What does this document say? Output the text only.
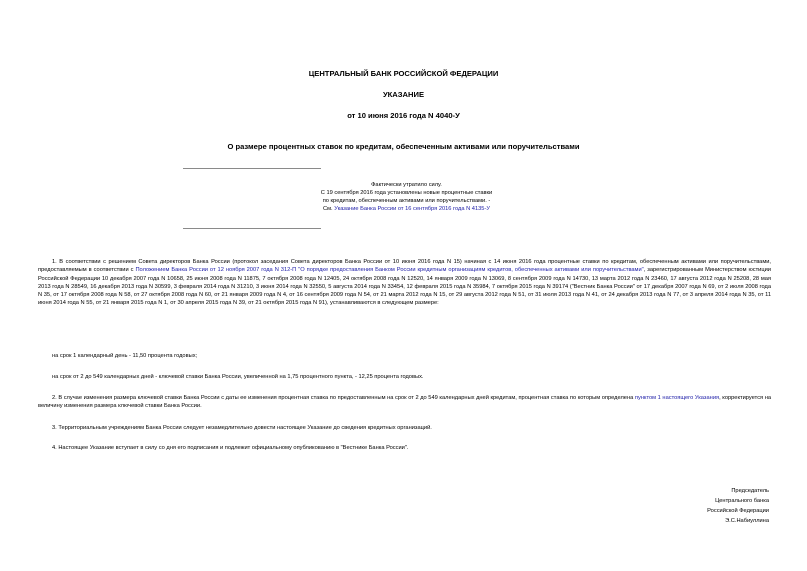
ЦЕНТРАЛЬНЫЙ БАНК РОССИЙСКОЙ ФЕДЕРАЦИИ
УКАЗАНИЕ
от 10 июня 2016 года N 4040-У
О размере процентных ставок по кредитам, обеспеченным активами или поручительствами
Фактически утратило силу.
С 19 сентября 2016 года установлены новые процентные ставки
по кредитам, обеспеченным активами или поручительствами. -
См. Указание Банка России от 16 сентября 2016 года N 4135-У
1. В соответствии с решением Совета директоров Банка России (протокол заседания Совета директоров Банка России от 10 июня 2016 года N 15) начиная с 14 июня 2016 года процентные ставки по кредитам, обеспеченным активами или поручительствами, предоставляемым в соответствии с Положением Банка России от 12 ноября 2007 года N 312-П "О порядке предоставления Банком России кредитным организациям кредитов, обеспеченных активами или поручительствами", зарегистрированным Министерством юстиции Российской Федерации 10 декабря 2007 года N 10658, 25 июня 2008 года N 11875, 7 октября 2008 года N 12405, 24 октября 2008 года N 12520, 14 января 2009 года N 13069, 8 сентября 2009 года N 14730, 13 марта 2012 года N 23460, 17 августа 2012 года N 25208, 28 мая 2013 года N 28549, 16 декабря 2013 года N 30599, 3 февраля 2014 года N 31210, 3 июня 2014 года N 32550, 5 августа 2014 года N 33454, 12 февраля 2015 года N 35984, 7 октября 2015 года N 39174 ("Вестник Банка России" от 17 декабря 2007 года N 69, от 2 июля 2008 года N 35, от 17 октября 2008 года N 58, от 27 октября 2008 года N 60, от 21 января 2009 года N 4, от 16 сентября 2009 года N 54, от 21 марта 2012 года N 15, от 29 августа 2012 года N 51, от 31 июля 2013 года N 41, от 24 декабря 2013 года N 77, от 3 апреля 2014 года N 35, от 11 июня 2014 года N 55, от 21 января 2015 года N 1, от 30 апреля 2015 года N 39, от 21 октября 2015 года N 91), устанавливаются в следующем размере:
на срок 1 календарный день - 11,50 процента годовых;
на срок от 2 до 549 календарных дней - ключевой ставки Банка России, увеличенной на 1,75 процентного пункта, - 12,25 процента годовых.
2. В случае изменения размера ключевой ставки Банка России с даты ее изменения процентная ставка по предоставленным на срок от 2 до 549 календарных дней кредитам, процентная ставка по которым определена пунктом 1 настоящего Указания, корректируется на величину изменения размера ключевой ставки Банка России.
3. Территориальным учреждениям Банка России следует незамедлительно довести настоящее Указание до сведения кредитных организаций.
4. Настоящее Указание вступает в силу со дня его подписания и подлежит официальному опубликованию в "Вестнике Банка России".
Председатель
Центрального банка
Российской Федерации
Э.С.Набиуллина
